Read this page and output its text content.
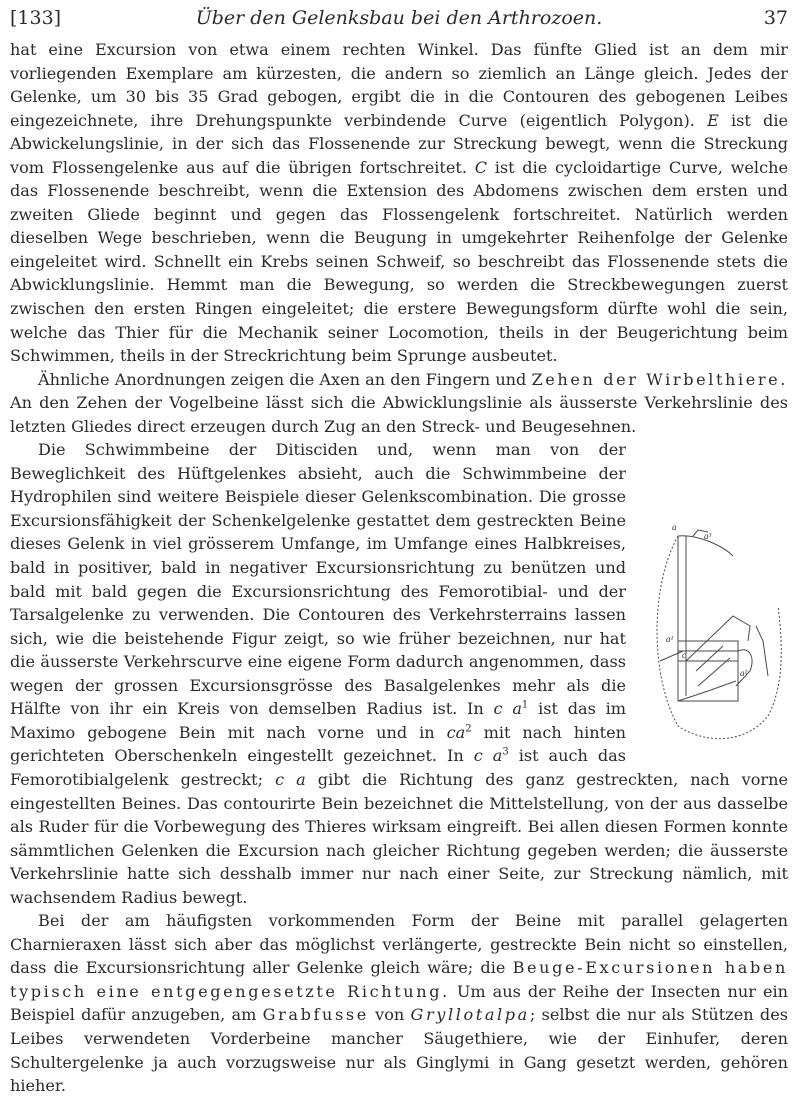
[133]	Über den Gelenksbau bei den Arthrozoen.	37

hat eine Excursion von etwa einem rechten Winkel. Das fünfte Glied ist an dem mir vorliegenden Exemplare am kürzesten, die andern so ziemlich an Länge gleich. Jedes der Gelenke, um 30 bis 35 Grad gebogen, ergibt die in die Contouren des gebogenen Leibes eingezeichnete, ihre Drehungspunkte verbindende Curve (eigentlich Polygon). E ist die Abwickelungslinie, in der sich das Flossenende zur Streckung bewegt, wenn die Streckung vom Flossengelenke aus auf die übrigen fortschreitet. C ist die cycloidartige Curve, welche das Flossenende beschreibt, wenn die Extension des Abdomens zwischen dem ersten und zweiten Gliede beginnt und gegen das Flossengelenk fortschreitet. Natürlich werden dieselben Wege beschrieben, wenn die Beugung in umgekehrter Reihenfolge der Gelenke eingeleitet wird. Schnellt ein Krebs seinen Schweif, so beschreibt das Flossenende stets die Abwicklungslinie. Hemmt man die Bewegung, so werden die Streckbewegungen zuerst zwischen den ersten Ringen eingeleitet; die erstere Bewegungsform dürfte wohl die sein, welche das Thier für die Mechanik seiner Locomotion, theils in der Beugerichtung beim Schwimmen, theils in der Streckrichtung beim Sprunge ausbeutet.

Ähnliche Anordnungen zeigen die Axen an den Fingern und Zehen der Wirbelthiere. An den Zehen der Vogelbeine lässt sich die Abwicklungslinie als äusserste Verkehrslinie des letzten Gliedes direct erzeugen durch Zug an den Streck- und Beugesehnen.

a
a³
a¹
a²
c
Die Schwimmbeine der Ditisciden und, wenn man von der Beweglichkeit des Hüftgelenkes absieht, auch die Schwimmbeine der Hydrophilen sind weitere Beispiele dieser Gelenkscombination. Die grosse Excursionsfähigkeit der Schenkelgelenke gestattet dem gestreckten Beine dieses Gelenk in viel grösserem Umfange, im Umfange eines Halbkreises, bald in positiver, bald in negativer Excursionsrichtung zu benützen und bald mit bald gegen die Excursionsrichtung des Femorotibial- und der Tarsalgelenke zu verwenden. Die Contouren des Verkehrsterrains lassen sich, wie die beistehende Figur zeigt, so wie früher bezeichnen, nur hat die äusserste Verkehrscurve eine eigene Form dadurch angenommen, dass wegen der grossen Excursionsgrösse des Basalgelenkes mehr als die Hälfte von ihr ein Kreis von demselben Radius ist. In c $a^1$ ist das im Maximo gebogene Bein mit nach vorne und in $ca^2$ mit nach hinten gerichteten Oberschenkeln eingestellt gezeichnet. In c $a^3$ ist auch das Femorotibialgelenk gestreckt; c a gibt die Richtung des ganz gestreckten, nach vorne eingestellten Beines. Das contourirte Bein bezeichnet die Mittelstellung, von der aus dasselbe als Ruder für die Vorbewegung des Thieres wirksam eingreift. Bei allen diesen Formen konnte sämmtlichen Gelenken die Excursion nach gleicher Richtung gegeben werden; die äusserste Verkehrslinie hatte sich desshalb immer nur nach einer Seite, zur Streckung nämlich, mit wachsendem Radius bewegt.

Bei der am häufigsten vorkommenden Form der Beine mit parallel gelagerten Charnieraxen lässt sich aber das möglichst verlängerte, gestreckte Bein nicht so einstellen, dass die Excursionsrichtung aller Gelenke gleich wäre; die Beuge-Excursionen haben typisch eine entgegengesetzte Richtung. Um aus der Reihe der Insecten nur ein Beispiel dafür anzugeben, am Grabfusse von Gryllotalpa; selbst die nur als Stützen des Leibes verwendeten Vorderbeine mancher Säugethiere, wie der Einhufer, deren Schultergelenke ja auch vorzugsweise nur als Ginglymi in Gang gesetzt werden, gehören hieher.
